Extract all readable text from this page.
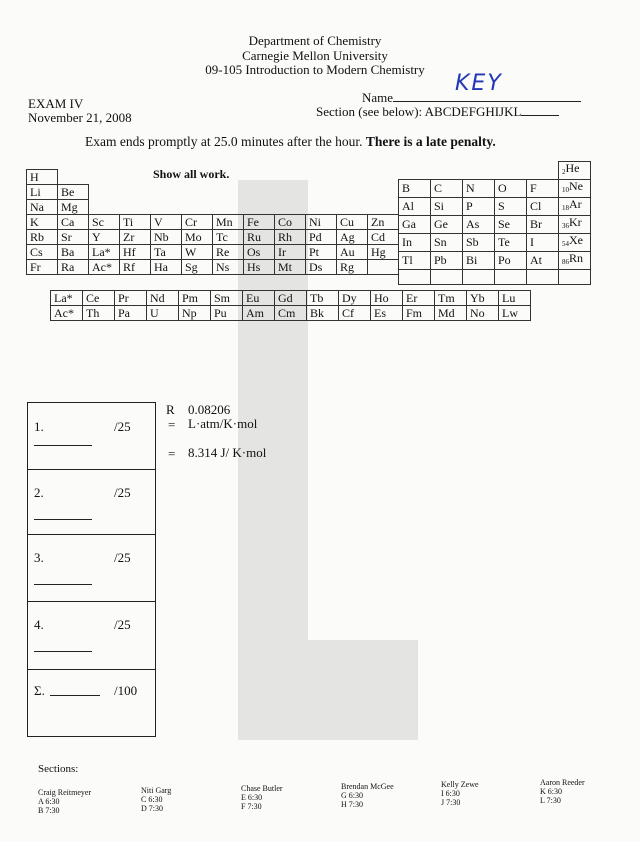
Department of Chemistry
Carnegie Mellon University
09-105 Introduction to Modern Chemistry
EXAM IV
November 21, 2008
Name
KEY
Section (see below): ABCDEFGHIJKL
Exam ends promptly at 25.0 minutes after the hour. There is a late penalty.
Show all work.
H											
Li	Be										
Na	Mg										
K	Ca	Sc	Ti	V	Cr	Mn	Fe	Co	Ni	Cu	Zn
Rb	Sr	Y	Zr	Nb	Mo	Tc	Ru	Rh	Pd	Ag	Cd
Cs	Ba	La*	Hf	Ta	W	Re	Os	Ir	Pt	Au	Hg
Fr	Ra	Ac*	Rf	Ha	Sg	Ns	Hs	Mt	Ds	Rg	
					$_2$He
B	C	N	O	F	$_{10}$Ne
Al	Si	P	S	Cl	$_{18}$Ar
Ga	Ge	As	Se	Br	$_{36}$Kr
In	Sn	Sb	Te	I	$_{54}$Xe
Tl	Pb	Bi	Po	At	$_{86}$Rn

La*	Ce	Pr	Nd	Pm	Sm	Eu	Gd	Tb	Dy	Ho	Er	Tm	Yb	Lu
Ac*	Th	Pa	U	Np	Pu	Am	Cm	Bk	Cf	Es	Fm	Md	No	Lw
1.	/25
2.	/25
3.	/25
4.	/25
Σ.	/100
R 0.08206
= L·atm/K·mol
= 8.314 J/ K·mol
Sections:
Craig Reitmeyer
A 6:30
B 7:30
Niti Garg
C 6:30
D 7:30
Chase Butler
E 6:30
F 7:30
Brendan McGee
G 6:30
H 7:30
Kelly Zewe
I 6:30
J 7:30
Aaron Reeder
K 6:30
L 7:30
